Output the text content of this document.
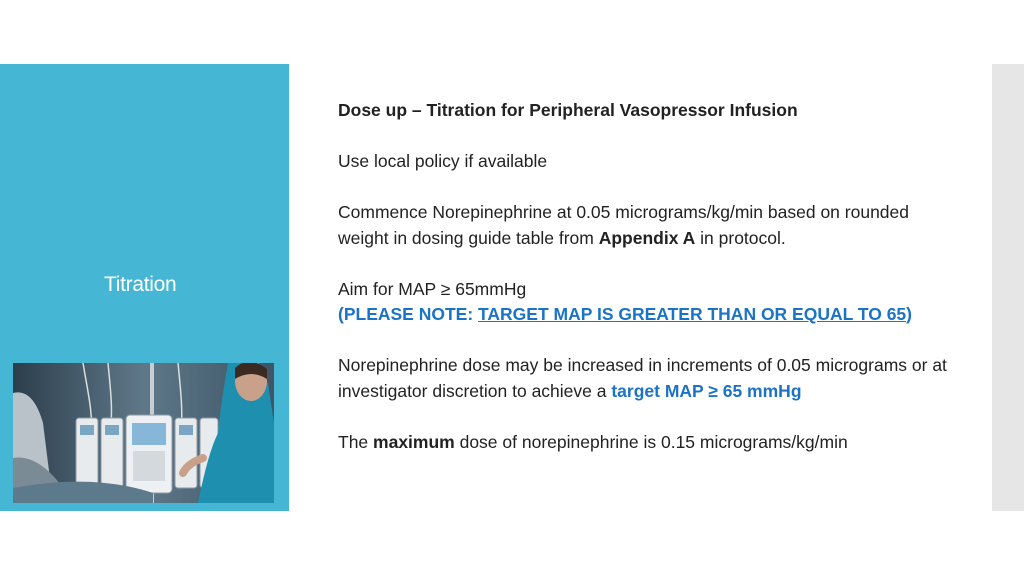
Titration

Dose up – Titration for Peripheral Vasopressor Infusion

Use local policy if available

Commence Norepinephrine at 0.05 micrograms/kg/min based on rounded weight in dosing guide table from Appendix A in protocol.

Aim for MAP ≥ 65mmHg
(PLEASE NOTE: TARGET MAP IS GREATER THAN OR EQUAL TO 65)

Norepinephrine dose may be increased in increments of 0.05 micrograms or at investigator discretion to achieve a target MAP ≥ 65 mmHg

The maximum dose of norepinephrine is 0.15 micrograms/kg/min
